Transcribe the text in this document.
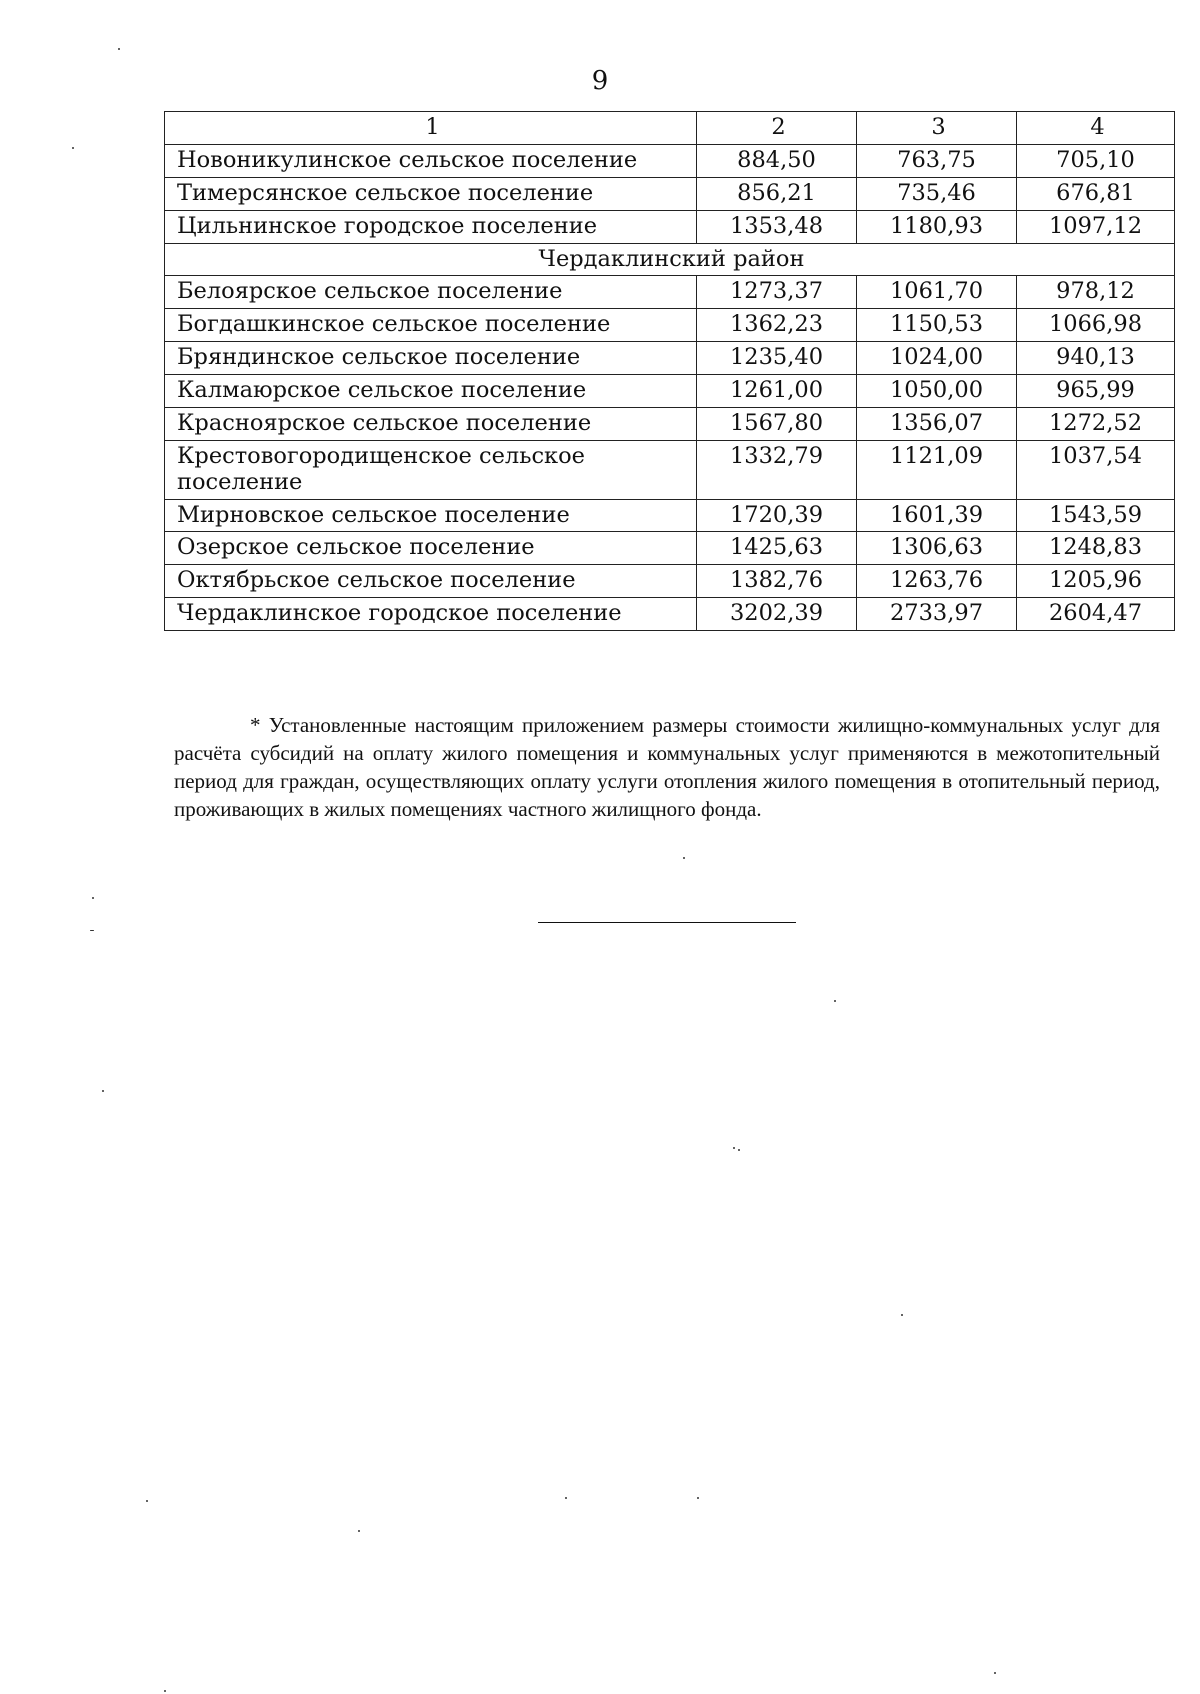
9
1	2	3	4
Новоникулинское сельское поселение	884,50	763,75	705,10
Тимерсянское сельское поселение	856,21	735,46	676,81
Цильнинское городское поселение	1353,48	1180,93	1097,12
Чердаклинский район			
Белоярское сельское поселение	1273,37	1061,70	978,12
Богдашкинское сельское поселение	1362,23	1150,53	1066,98
Бряндинское сельское поселение	1235,40	1024,00	940,13
Калмаюрское сельское поселение	1261,00	1050,00	965,99
Красноярское сельское поселение	1567,80	1356,07	1272,52
Крестовогородищенское сельское поселение	1332,79	1121,09	1037,54
Мирновское сельское поселение	1720,39	1601,39	1543,59
Озерское сельское поселение	1425,63	1306,63	1248,83
Октябрьское сельское поселение	1382,76	1263,76	1205,96
Чердаклинское городское поселение	3202,39	2733,97	2604,47

* Установленные настоящим приложением размеры стоимости жилищно-коммунальных услуг для расчёта субсидий на оплату жилого помещения и коммунальных услуг применяются в межотопительный период для граждан, осуществляющих оплату услуги отопления жилого помещения в отопительный период, проживающих в жилых помещениях частного жилищного фонда.
